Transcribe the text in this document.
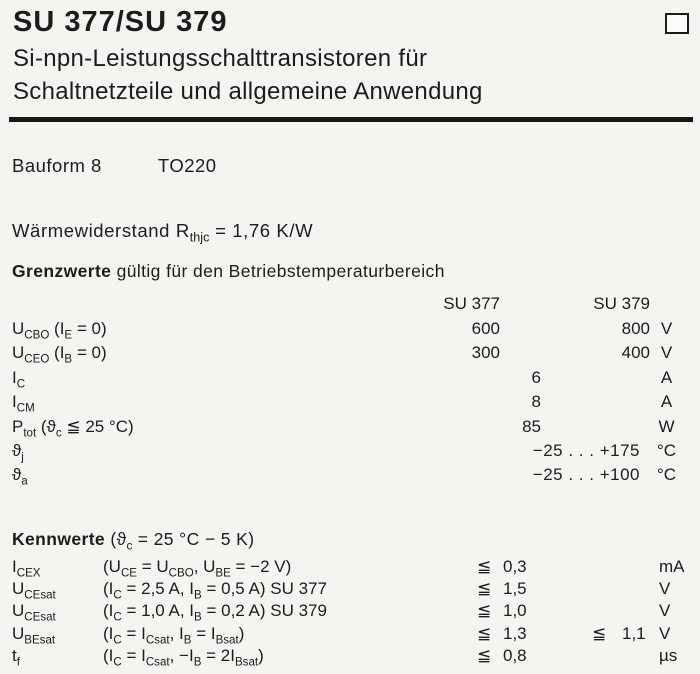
SU 377/SU 379
Si-npn-Leistungsschalttransistoren für
Schaltnetzteile und allgemeine Anwendung
Bauform 8	TO220
Wärmewiderstand $R_{thjc} = 1,76$ K/W
Grenzwerte gültig für den Betriebstemperaturbereich
SU 377	SU 379
$U_{CBO}$ $(I_E = 0)$	600	800 V
$U_{CEO}$ $(I_B = 0)$	300	400 V
$I_C$	6	A
$I_{CM}$	8	A
$P_{tot}$ ($ϑ_c$ ≦ 25 °C)	85	W
$ϑ_j$	−25 . . . +175 °C
$ϑ_a$	−25 . . . +100 °C
Kennwerte ($ϑ_c = 25$ °C − 5 K)
$I_{CEX}$	($U_{CE} = U_{CBO}$, $U_{BE} = -2$ V)	≦ 0,3	mA
$U_{CEsat}$	($I_C = 2,5$ A, $I_B = 0,5$ A) SU 377	≦ 1,5	V
$U_{CEsat}$	($I_C = 1,0$ A, $I_B = 0,2$ A) SU 379	≦ 1,0	V
$U_{BEsat}$	($I_C = I_{Csat}$, $I_B = I_{Bsat}$)	≦ 1,3	≦ 1,1 V
$t_f$	($I_C = I_{Csat}$, $-I_B = 2I_{Bsat}$)	≦ 0,8	µs
